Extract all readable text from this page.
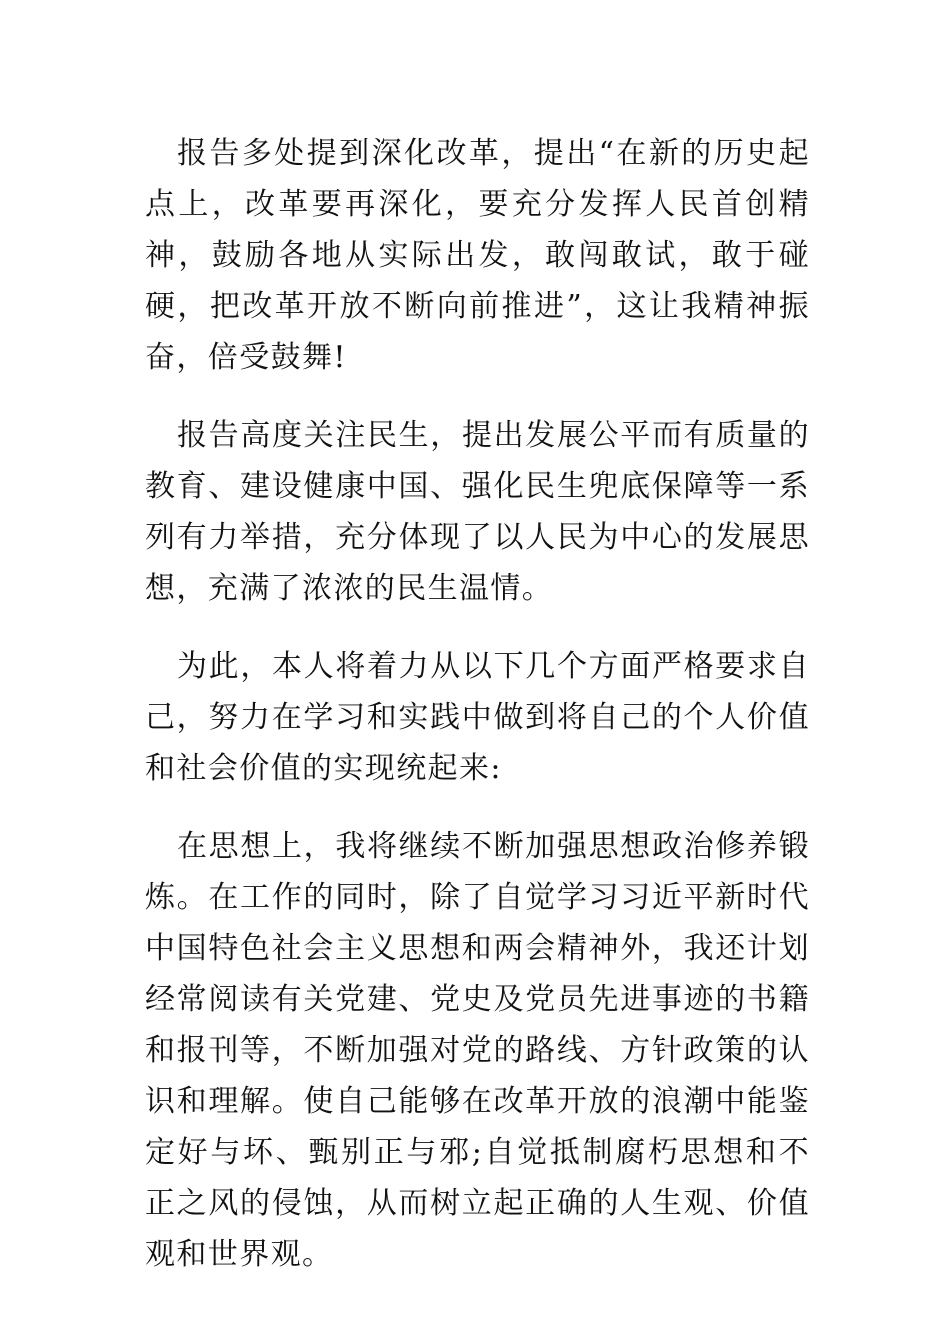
报告多处提到深化改革，提出“在新的历史起点上，改革要再深化，要充分发挥人民首创精神，鼓励各地从实际出发，敢闯敢试，敢于碰硬，把改革开放不断向前推进”，这让我精神振奋，倍受鼓舞!

报告高度关注民生，提出发展公平而有质量的教育、建设健康中国、强化民生兜底保障等一系列有力举措，充分体现了以人民为中心的发展思想，充满了浓浓的民生温情。

为此，本人将着力从以下几个方面严格要求自己，努力在学习和实践中做到将自己的个人价值和社会价值的实现统起来:

在思想上，我将继续不断加强思想政治修养锻炼。在工作的同时，除了自觉学习习近平新时代中国特色社会主义思想和两会精神外，我还计划经常阅读有关党建、党史及党员先进事迹的书籍和报刊等，不断加强对党的路线、方针政策的认识和理解。使自己能够在改革开放的浪潮中能鉴定好与坏、甄别正与邪;自觉抵制腐朽思想和不正之风的侵蚀，从而树立起正确的人生观、价值观和世界观。
